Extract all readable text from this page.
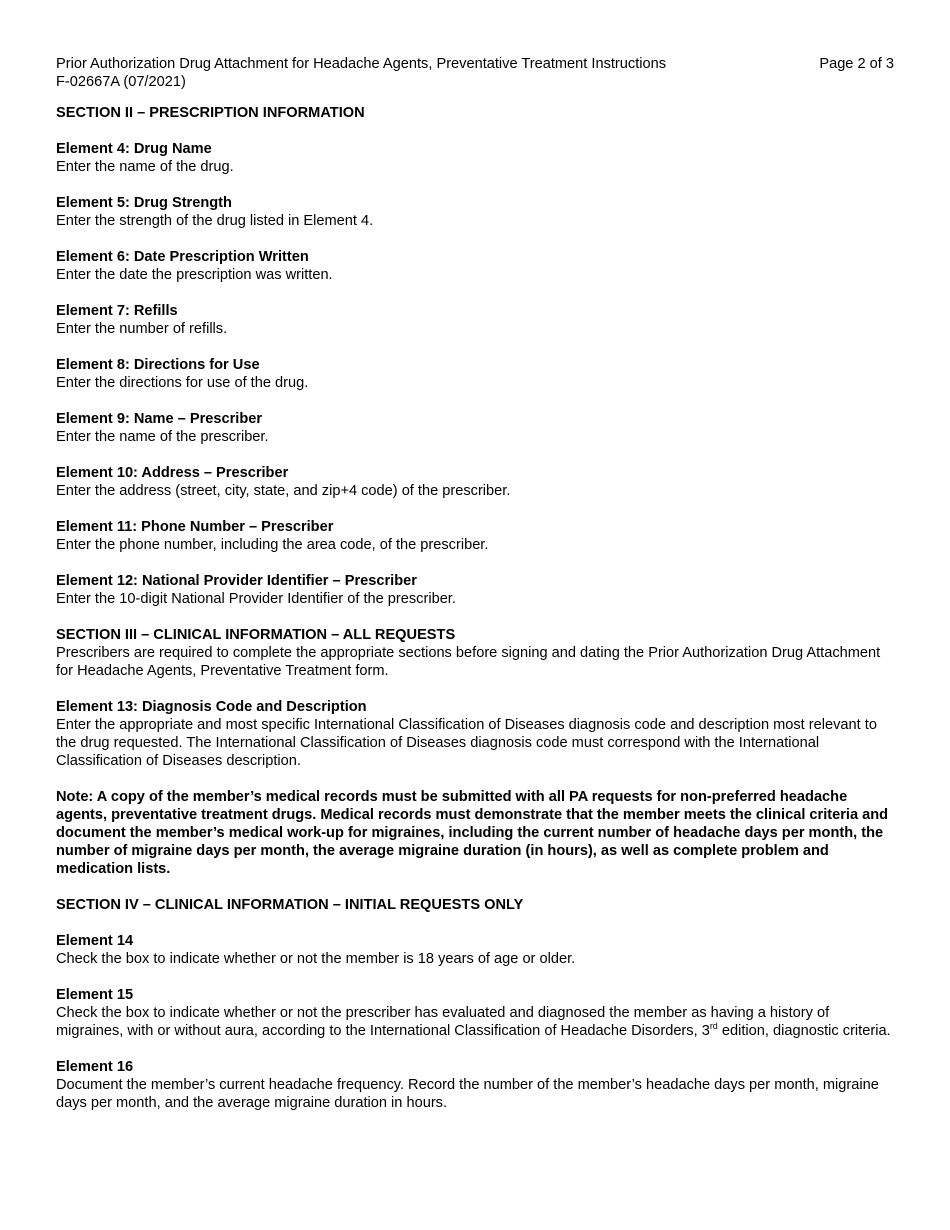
Prior Authorization Drug Attachment for Headache Agents, Preventative Treatment Instructions	Page 2 of 3
F-02667A (07/2021)
SECTION II – PRESCRIPTION INFORMATION
Element 4: Drug Name
Enter the name of the drug.
Element 5: Drug Strength
Enter the strength of the drug listed in Element 4.
Element 6: Date Prescription Written
Enter the date the prescription was written.
Element 7: Refills
Enter the number of refills.
Element 8: Directions for Use
Enter the directions for use of the drug.
Element 9: Name – Prescriber
Enter the name of the prescriber.
Element 10: Address – Prescriber
Enter the address (street, city, state, and zip+4 code) of the prescriber.
Element 11: Phone Number – Prescriber
Enter the phone number, including the area code, of the prescriber.
Element 12: National Provider Identifier – Prescriber
Enter the 10-digit National Provider Identifier of the prescriber.
SECTION III – CLINICAL INFORMATION – ALL REQUESTS
Prescribers are required to complete the appropriate sections before signing and dating the Prior Authorization Drug Attachment for Headache Agents, Preventative Treatment form.
Element 13: Diagnosis Code and Description
Enter the appropriate and most specific International Classification of Diseases diagnosis code and description most relevant to the drug requested. The International Classification of Diseases diagnosis code must correspond with the International Classification of Diseases description.
Note: A copy of the member’s medical records must be submitted with all PA requests for non-preferred headache agents, preventative treatment drugs. Medical records must demonstrate that the member meets the clinical criteria and document the member’s medical work-up for migraines, including the current number of headache days per month, the number of migraine days per month, the average migraine duration (in hours), as well as complete problem and medication lists.
SECTION IV – CLINICAL INFORMATION – INITIAL REQUESTS ONLY
Element 14
Check the box to indicate whether or not the member is 18 years of age or older.
Element 15
Check the box to indicate whether or not the prescriber has evaluated and diagnosed the member as having a history of migraines, with or without aura, according to the International Classification of Headache Disorders, 3rd edition, diagnostic criteria.
Element 16
Document the member’s current headache frequency. Record the number of the member’s headache days per month, migraine days per month, and the average migraine duration in hours.
